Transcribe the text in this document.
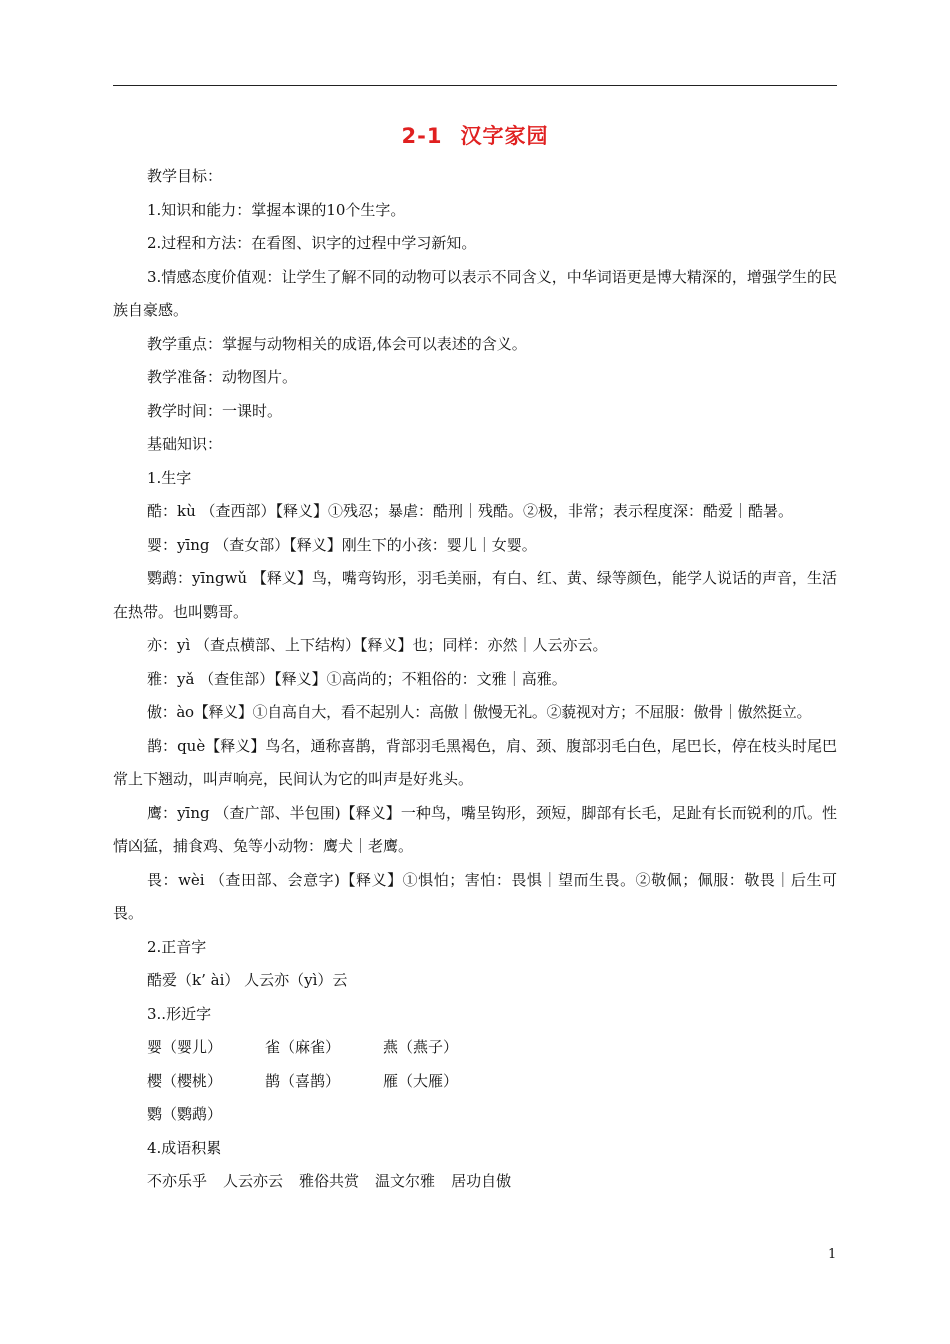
2-1 汉字家园

教学目标：

1.知识和能力：掌握本课的10个生字。

2.过程和方法：在看图、识字的过程中学习新知。

3.情感态度价值观：让学生了解不同的动物可以表示不同含义，中华词语更是博大精深的，增强学生的民族自豪感。

教学重点：掌握与动物相关的成语,体会可以表述的含义。

教学准备：动物图片。

教学时间：一课时。

基础知识：

1.生字

酷：kù （查西部）【释义】①残忍；暴虐：酷刑｜残酷。②极，非常；表示程度深：酷爱｜酷暑。

婴：yīng （查女部）【释义】刚生下的小孩：婴儿｜女婴。

鹦鹉：yīngwǔ 【释义】鸟，嘴弯钩形，羽毛美丽，有白、红、黄、绿等颜色，能学人说话的声音，生活在热带。也叫鹦哥。

亦：yì （查点横部、上下结构）【释义】也；同样：亦然｜人云亦云。

雅：yǎ （查隹部）【释义】①高尚的；不粗俗的：文雅｜高雅。

傲：ào【释义】①自高自大，看不起别人：高傲｜傲慢无礼。②藐视对方；不屈服：傲骨｜傲然挺立。

鹊：què【释义】鸟名，通称喜鹊，背部羽毛黑褐色，肩、颈、腹部羽毛白色，尾巴长，停在枝头时尾巴常上下翘动，叫声响亮，民间认为它的叫声是好兆头。

鹰：yīng （查广部、半包围)【释义】一种鸟，嘴呈钩形，颈短，脚部有长毛，足趾有长而锐利的爪。性情凶猛，捕食鸡、兔等小动物：鹰犬｜老鹰。

畏：wèi （查田部、会意字)【释义】①惧怕；害怕：畏惧｜望而生畏。②敬佩；佩服：敬畏｜后生可畏。

2.正音字

酷爱（k’ ài） 人云亦（yì）云

3..形近字

婴（婴儿）	雀（麻雀）	燕（燕子）
樱（樱桃）	鹊（喜鹊）	雁（大雁）
鹦（鹦鹉）

4.成语积累

不亦乐乎 人云亦云 雅俗共赏 温文尔雅 居功自傲
1
